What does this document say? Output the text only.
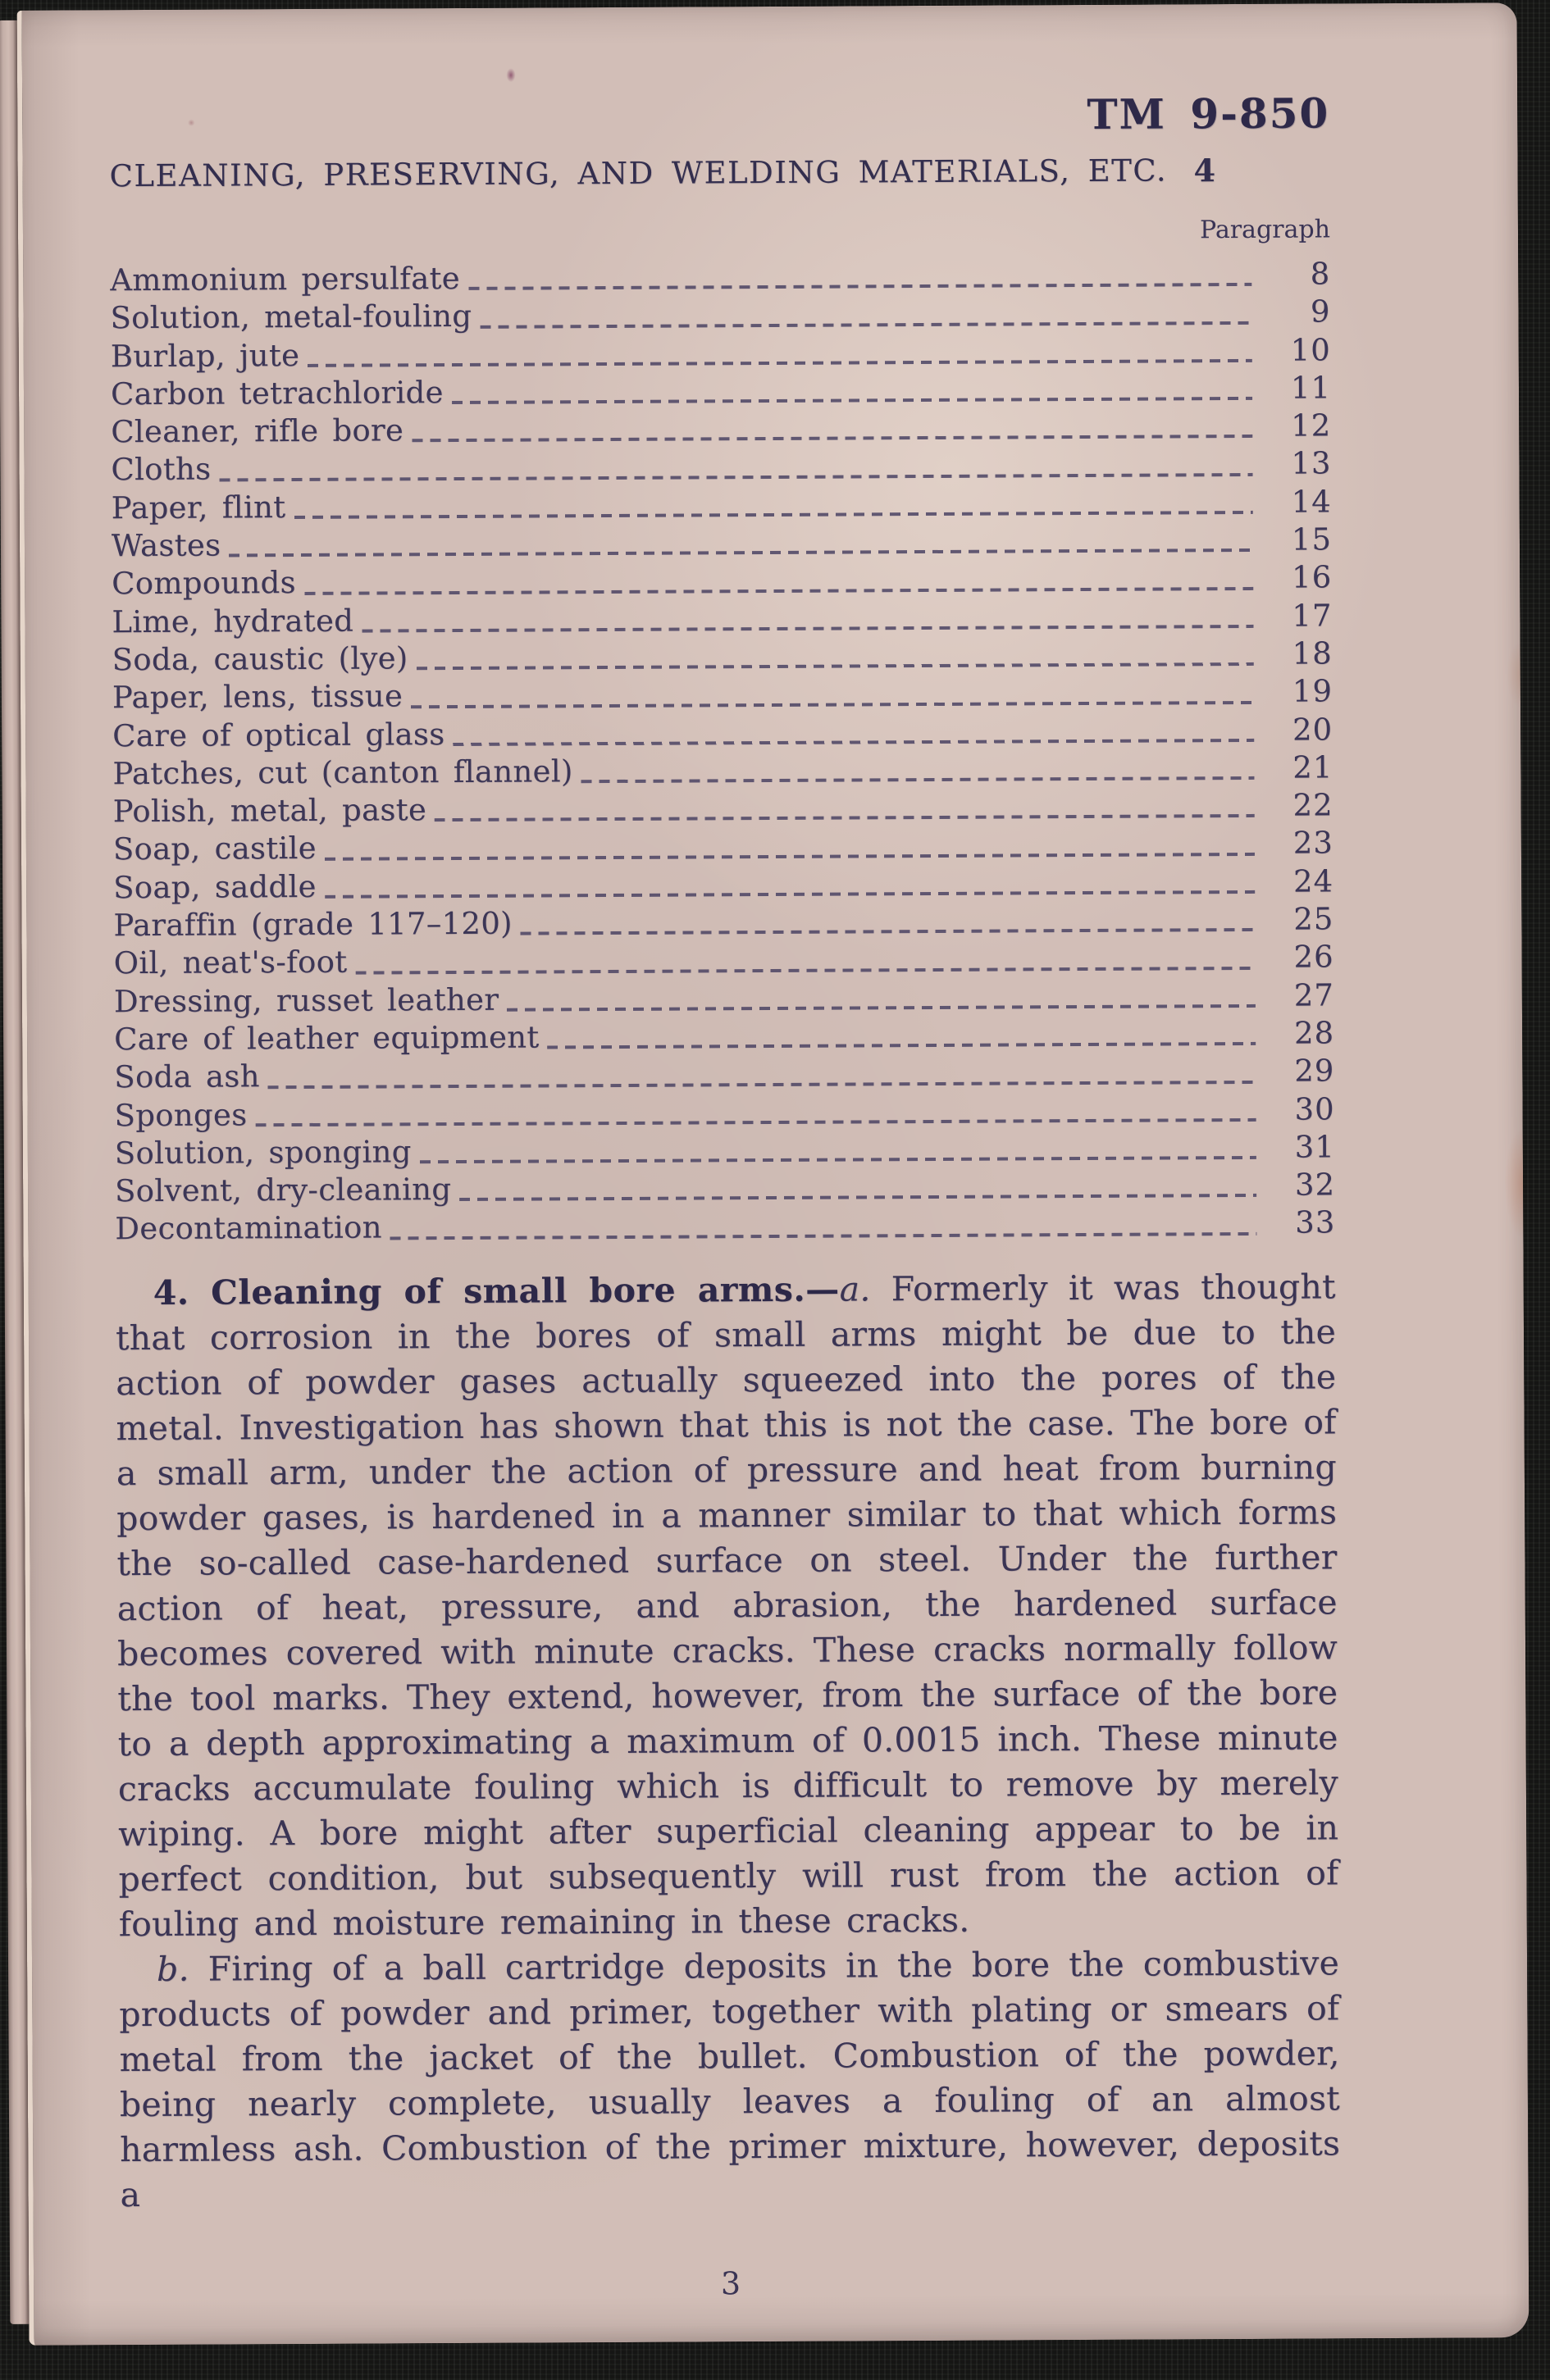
TM 9-850
CLEANING, PRESERVING, AND WELDING MATERIALS, ETC. 4
Paragraph
Ammonium persulfate	8
Solution, metal-fouling	9
Burlap, jute	10
Carbon tetrachloride	11
Cleaner, rifle bore	12
Cloths	13
Paper, flint	14
Wastes	15
Compounds	16
Lime, hydrated	17
Soda, caustic (lye)	18
Paper, lens, tissue	19
Care of optical glass	20
Patches, cut (canton flannel)	21
Polish, metal, paste	22
Soap, castile	23
Soap, saddle	24
Paraffin (grade 117–120)	25
Oil, neat's-foot	26
Dressing, russet leather	27
Care of leather equipment	28
Soda ash	29
Sponges	30
Solution, sponging	31
Solvent, dry-cleaning	32
Decontamination	33

4. Cleaning of small bore arms.—a. Formerly it was thought that corrosion in the bores of small arms might be due to the action of powder gases actually squeezed into the pores of the metal. Investigation has shown that this is not the case. The bore of a small arm, under the action of pressure and heat from burning powder gases, is hardened in a manner similar to that which forms the so-called case-hardened surface on steel. Under the further action of heat, pressure, and abrasion, the hardened surface becomes covered with minute cracks. These cracks normally follow the tool marks. They extend, however, from the surface of the bore to a depth approximating a maximum of 0.0015 inch. These minute cracks accumulate fouling which is difficult to remove by merely wiping. A bore might after superficial cleaning appear to be in perfect condition, but subsequently will rust from the action of fouling and moisture remaining in these cracks.

b. Firing of a ball cartridge deposits in the bore the combustive products of powder and primer, together with plating or smears of metal from the jacket of the bullet. Combustion of the powder, being nearly complete, usually leaves a fouling of an almost harmless ash. Combustion of the primer mixture, however, deposits a

3
